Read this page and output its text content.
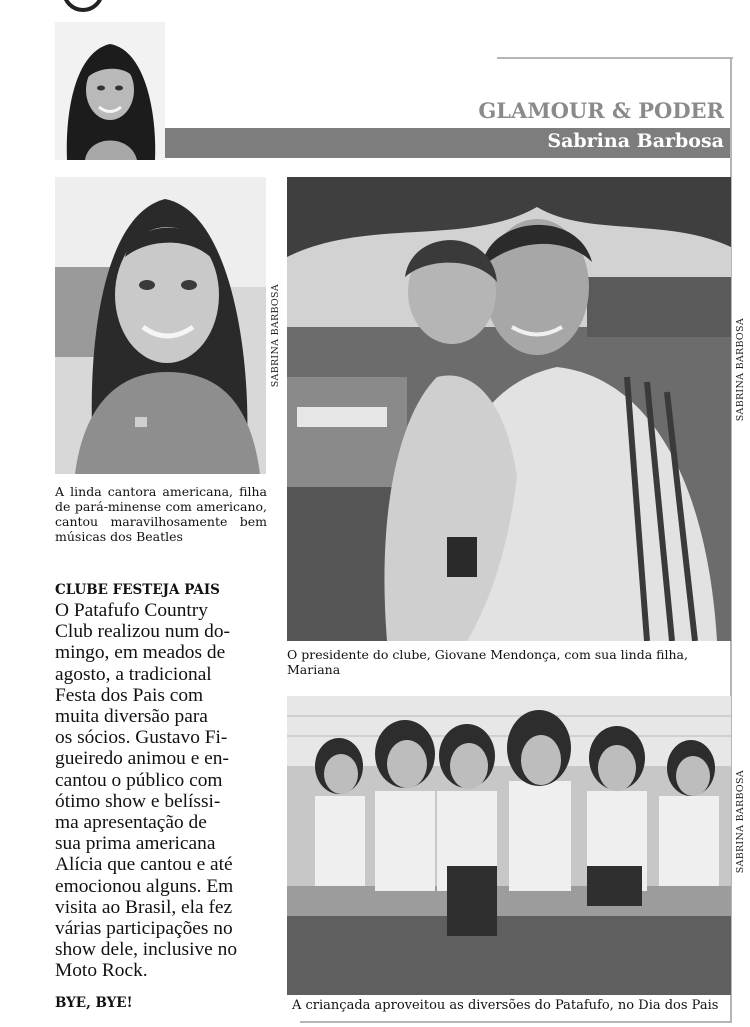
GLAMOUR & PODER
Sabrina Barbosa
SABRINA BARBOSA	SABRINA BARBOSA
O presidente do clube, Giovane Mendonça, com sua linda filha, Mariana
SABRINA BARBOSA
A criançada aproveitou as diversões do Patafufo, no Dia dos Pais
A linda cantora americana, filha de pará-minense com americano, cantou maravilhosamente bem músicas dos Beatles
CLUBE FESTEJA PAIS
O Patafufo Country
Club realizou num do-
mingo, em meados de
agosto, a tradicional
Festa dos Pais com
muita diversão para
os sócios. Gustavo Fi-
gueiredo animou e en-
cantou o público com
ótimo show e belíssi-
ma apresentação de
sua prima americana
Alícia que cantou e até
emocionou alguns. Em
visita ao Brasil, ela fez
várias participações no
show dele, inclusive no
Moto Rock.
BYE, BYE!
